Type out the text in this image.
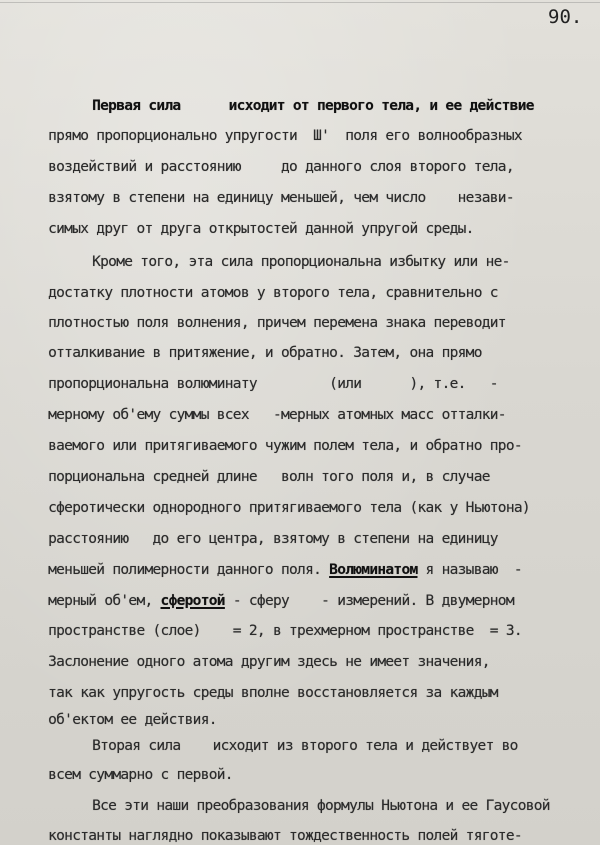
90.

Первая сила      исходит от первого тела, и ее действие

прямо пропорционально упругости  Ш'  поля его волнообразных

воздействий и расстоянию     до данного слоя второго тела,

взятому в степени на единицу меньшей, чем число    незави-

симых друг от друга открытостей данной упругой среды.

Кроме того, эта сила пропорциональна избытку или не-

достатку плотности атомов у второго тела, сравнительно с

плотностью поля волнения, причем перемена знака переводит

отталкивание в притяжение, и обратно. Затем, она прямо

пропорциональна волюминату         (или      ), т.е.   -

мерному об'ему суммы всех   -мерных атомных масс отталки-

ваемого или притягиваемого чужим полем тела, и обратно про-

порциональна средней длине   волн того поля и, в случае

сферотически однородного притягиваемого тела (как у Ньютона)

расстоянию   до его центра, взятому в степени на единицу

меньшей полимерности данного поля. Волюминатом я называю  -

мерный об'ем, сферотой - сферу    - измерений. В двумерном

пространстве (слое)    = 2, в трехмерном пространстве  = 3.

Заслонение одного атома другим здесь не имеет значения,

так как упругость среды вполне восстановляется за каждым

об'ектом ее действия.

Вторая сила    исходит из второго тела и действует во

всем суммарно с первой.

Все эти наши преобразования формулы Ньютона и ее Гаусовой

константы наглядно показывают тождественность полей тяготе-
